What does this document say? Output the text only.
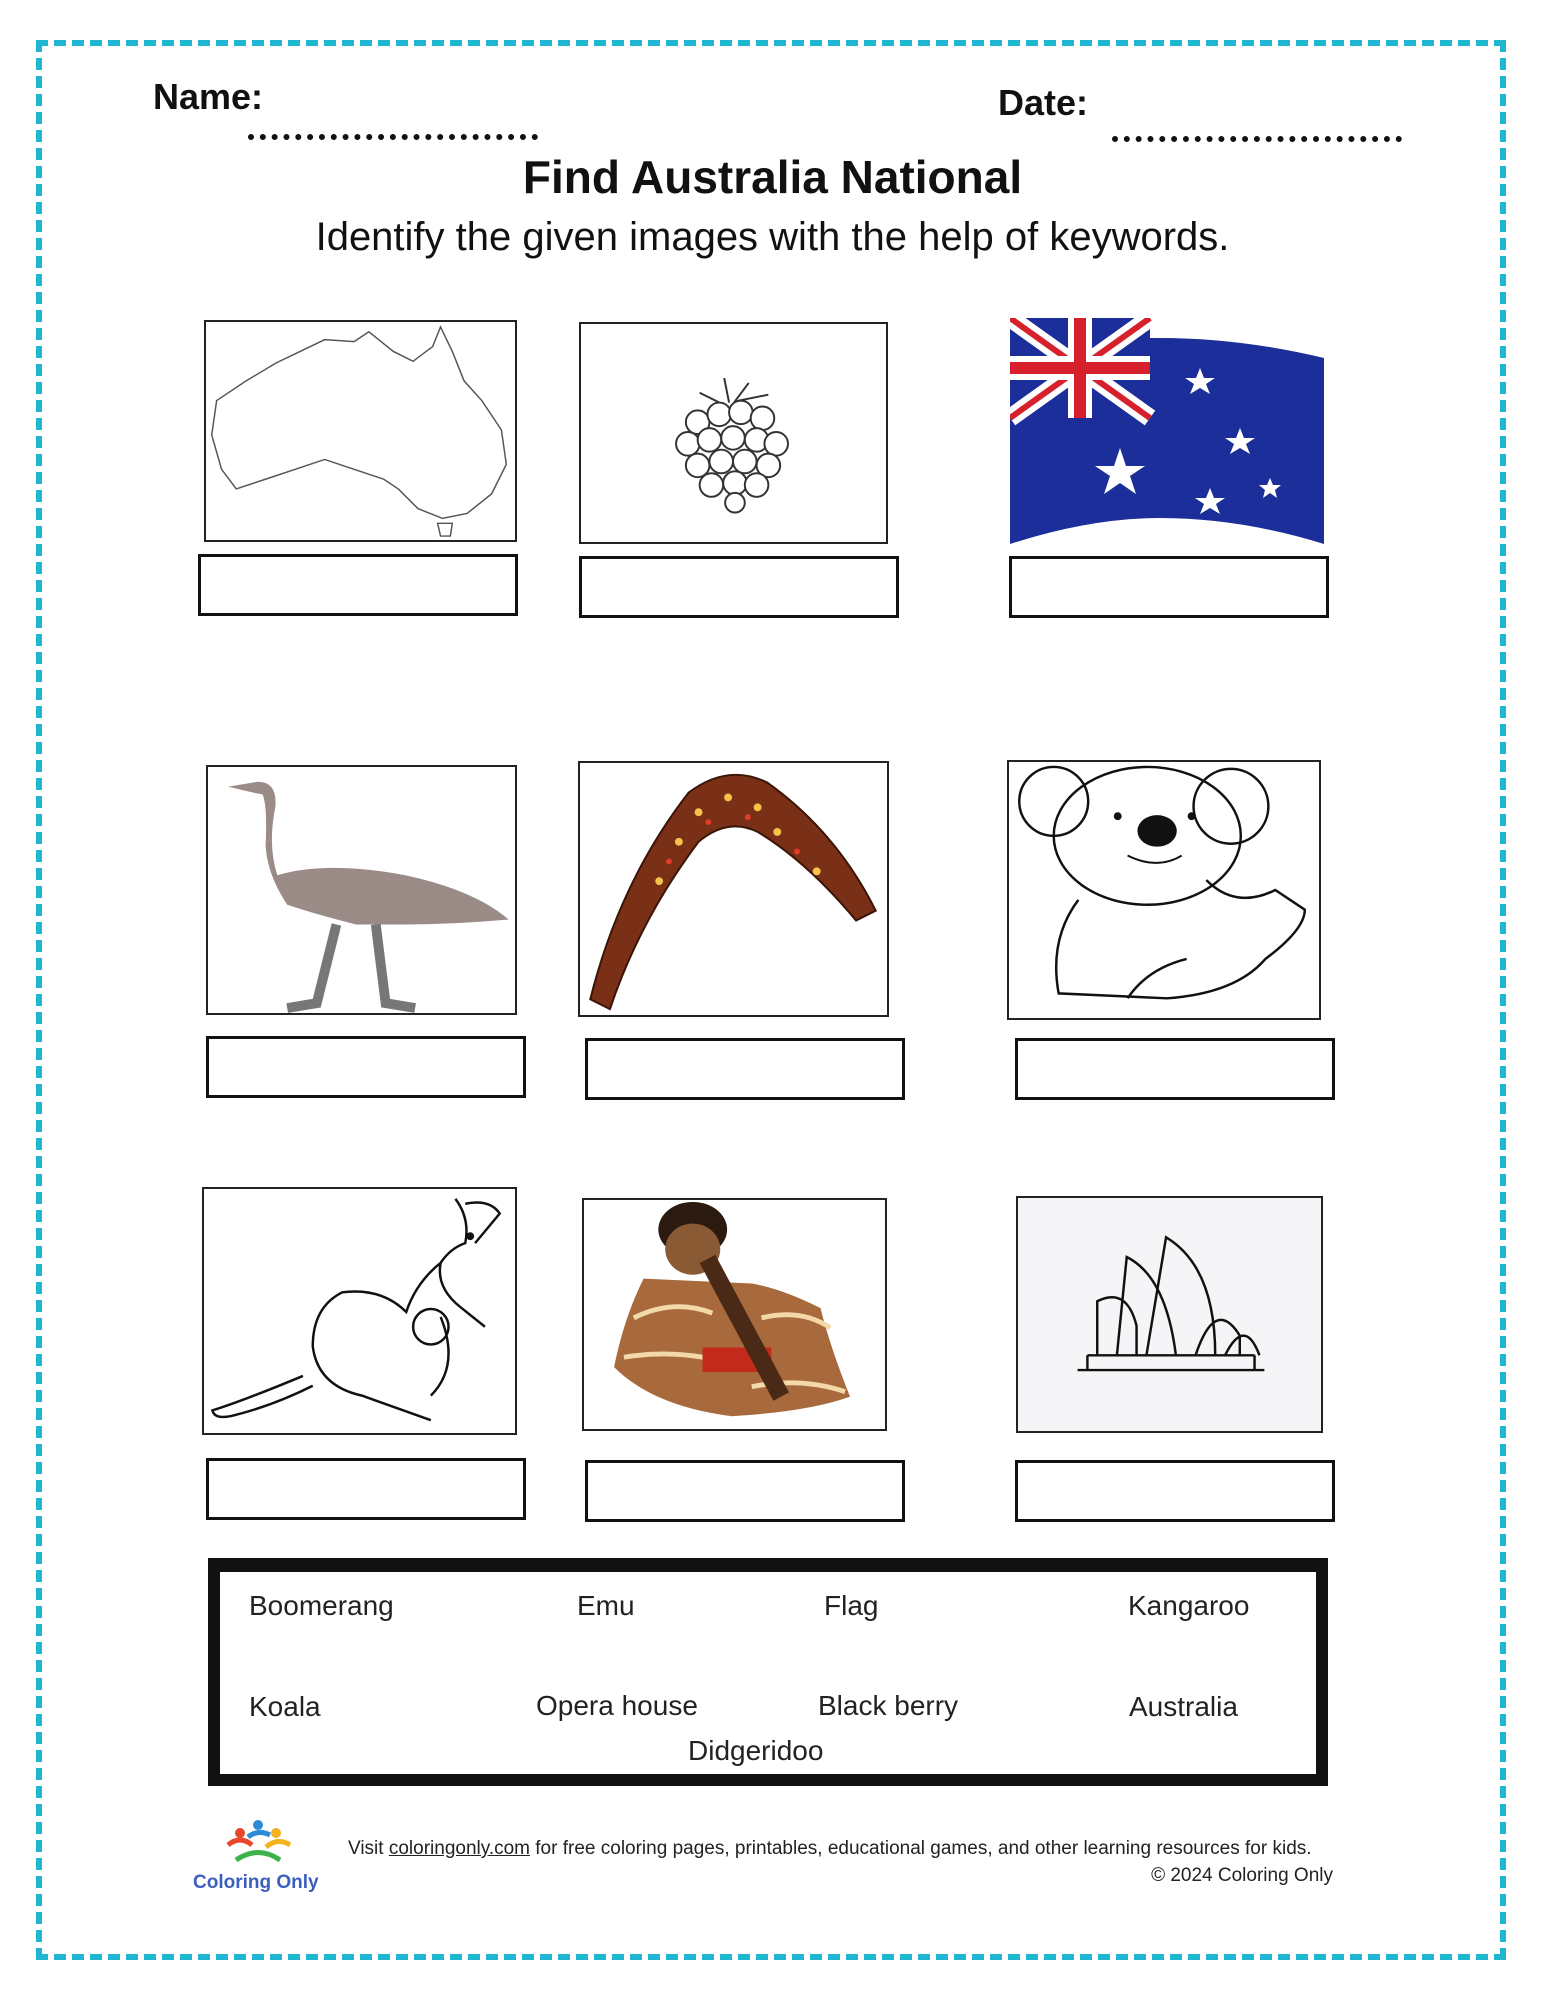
Name:	Date:
Find Australia National
Identify the given images with the help of keywords.
Boomerang	Emu	Flag	Kangaroo
Koala	Opera house	Black berry	Australia
Didgeridoo
Coloring Only
Visit coloringonly.com for free coloring pages, printables, educational games, and other learning resources for kids.
© 2024 Coloring Only
